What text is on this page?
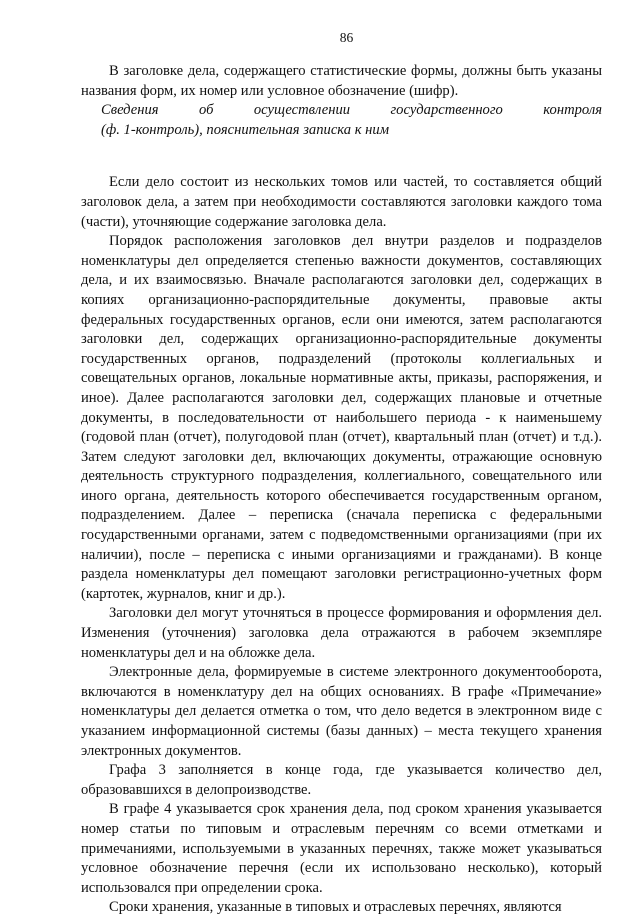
86

В заголовке дела, содержащего статистические формы, должны быть указаны названия форм, их номер или условное обозначение (шифр).

Сведения об осуществлении государственного контроля
(ф. 1-контроль), пояснительная записка к ним

Если дело состоит из нескольких томов или частей, то составляется общий заголовок дела, а затем при необходимости составляются заголовки каждого тома (части), уточняющие содержание заголовка дела.

Порядок расположения заголовков дел внутри разделов и подразделов номенклатуры дел определяется степенью важности документов, составляющих дела, и их взаимосвязью. Вначале располагаются заголовки дел, содержащих в копиях организационно-распорядительные документы, правовые акты федеральных государственных органов, если они имеются, затем располагаются заголовки дел, содержащих организационно-распорядительные документы государственных органов, подразделений (протоколы коллегиальных и совещательных органов, локальные нормативные акты, приказы, распоряжения, и иное). Далее располагаются заголовки дел, содержащих плановые и отчетные документы, в последовательности от наибольшего периода - к наименьшему (годовой план (отчет), полугодовой план (отчет), квартальный план (отчет) и т.д.). Затем следуют заголовки дел, включающих документы, отражающие основную деятельность структурного подразделения, коллегиального, совещательного или иного органа, деятельность которого обеспечивается государственным органом, подразделением. Далее – переписка (сначала переписка с федеральными государственными органами, затем с подведомственными организациями (при их наличии), после – переписка с иными организациями и гражданами). В конце раздела номенклатуры дел помещают заголовки регистрационно-учетных форм (картотек, журналов, книг и др.).

Заголовки дел могут уточняться в процессе формирования и оформления дел. Изменения (уточнения) заголовка дела отражаются в рабочем экземпляре номенклатуры дел и на обложке дела.

Электронные дела, формируемые в системе электронного документооборота, включаются в номенклатуру дел на общих основаниях. В графе «Примечание» номенклатуры дел делается отметка о том, что дело ведется в электронном виде с указанием информационной системы (базы данных) – места текущего хранения электронных документов.

Графа 3 заполняется в конце года, где указывается количество дел, образовавшихся в делопроизводстве.

В графе 4 указывается срок хранения дела, под сроком хранения указывается номер статьи по типовым и отраслевым перечням со всеми отметками и примечаниями, используемыми в указанных перечнях, также может указываться условное обозначение перечня (если их использовано несколько), который использовался при определении срока.

Сроки хранения, указанные в типовых и отраслевых перечнях, являются
